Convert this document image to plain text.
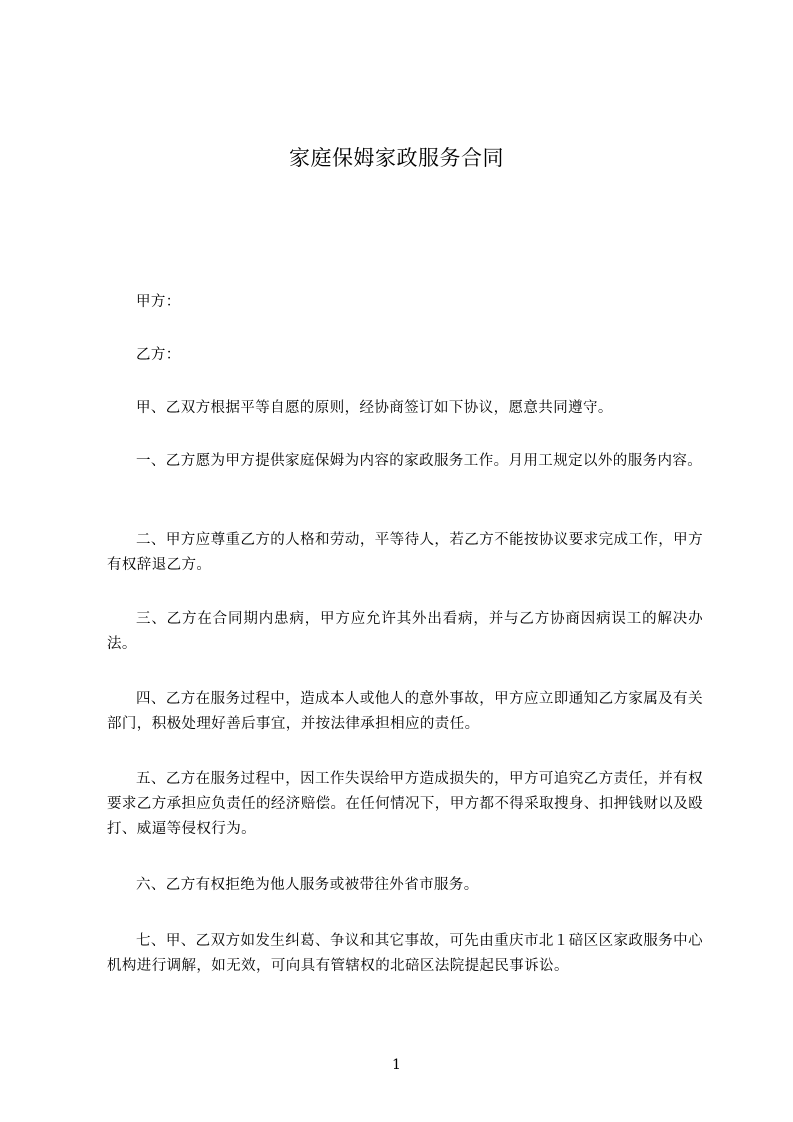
家庭保姆家政服务合同

甲方：

乙方：

甲、乙双方根据平等自愿的原则，经协商签订如下协议，愿意共同遵守。

一、乙方愿为甲方提供家庭保姆为内容的家政服务工作。月用工规定以外的服务内容。

二、甲方应尊重乙方的人格和劳动，平等待人，若乙方不能按协议要求完成工作，甲方有权辞退乙方。

三、乙方在合同期内患病，甲方应允许其外出看病，并与乙方协商因病误工的解决办法。

四、乙方在服务过程中，造成本人或他人的意外事故，甲方应立即通知乙方家属及有关部门，积极处理好善后事宜，并按法律承担相应的责任。

五、乙方在服务过程中，因工作失误给甲方造成损失的，甲方可追究乙方责任，并有权要求乙方承担应负责任的经济赔偿。在任何情况下，甲方都不得采取搜身、扣押钱财以及殴打、威逼等侵权行为。

六、乙方有权拒绝为他人服务或被带往外省市服务。

七、甲、乙双方如发生纠葛、争议和其它事故，可先由重庆市北１碚区区家政服务中心机构进行调解，如无效，可向具有管辖权的北碚区法院提起民事诉讼。

1
